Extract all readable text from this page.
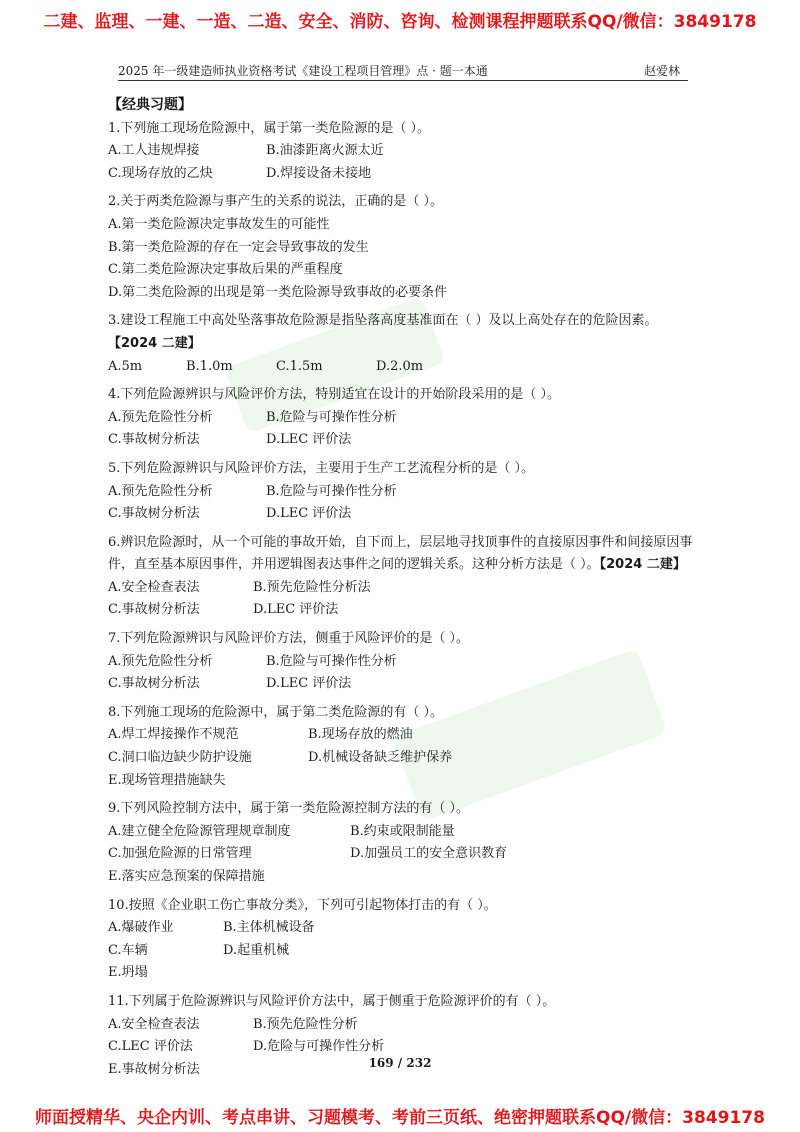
二建、监理、一建、一造、二造、安全、消防、咨询、检测课程押题联系QQ/微信：3849178
2025 年一级建造师执业资格考试《建设工程项目管理》点 · 题一本通	赵爱林
【经典习题】
1.下列施工现场危险源中，属于第一类危险源的是（ ）。
A.工人违规焊接	B.油漆距离火源太近
C.现场存放的乙炔	D.焊接设备未接地
2.关于两类危险源与事产生的关系的说法，正确的是（ ）。
A.第一类危险源决定事故发生的可能性
B.第一类危险源的存在一定会导致事故的发生
C.第二类危险源决定事故后果的严重程度
D.第二类危险源的出现是第一类危险源导致事故的必要条件
3.建设工程施工中高处坠落事故危险源是指坠落高度基准面在（ ）及以上高处存在的危险因素。【2024 二建】
A.5m	B.1.0m	C.1.5m	D.2.0m
4.下列危险源辨识与风险评价方法，特别适宜在设计的开始阶段采用的是（ ）。
A.预先危险性分析	B.危险与可操作性分析
C.事故树分析法	D.LEC 评价法
5.下列危险源辨识与风险评价方法，主要用于生产工艺流程分析的是（ ）。
A.预先危险性分析	B.危险与可操作性分析
C.事故树分析法	D.LEC 评价法
6.辨识危险源时，从一个可能的事故开始，自下而上，层层地寻找顶事件的直接原因事件和间接原因事件，直至基本原因事件，并用逻辑图表达事件之间的逻辑关系。这种分析方法是（ ）。【2024 二建】
A.安全检查表法	B.预先危险性分析法
C.事故树分析法	D.LEC 评价法
7.下列危险源辨识与风险评价方法，侧重于风险评价的是（ ）。
A.预先危险性分析	B.危险与可操作性分析
C.事故树分析法	D.LEC 评价法
8.下列施工现场的危险源中，属于第二类危险源的有（ ）。
A.焊工焊接操作不规范	B.现场存放的燃油
C.洞口临边缺少防护设施	D.机械设备缺乏维护保养
E.现场管理措施缺失
9.下列风险控制方法中，属于第一类危险源控制方法的有（ ）。
A.建立健全危险源管理规章制度	B.约束或限制能量
C.加强危险源的日常管理	D.加强员工的安全意识教育
E.落实应急预案的保障措施
10.按照《企业职工伤亡事故分类》，下列可引起物体打击的有（ ）。
A.爆破作业	B.主体机械设备
C.车辆	D.起重机械
E.坍塌
11.下列属于危险源辨识与风险评价方法中，属于侧重于危险源评价的有（ ）。
A.安全检查表法	B.预先危险性分析
C.LEC 评价法	D.危险与可操作性分析
E.事故树分析法	169 / 232
师面授精华、央企内训、考点串讲、习题模考、考前三页纸、绝密押题联系QQ/微信：3849178
